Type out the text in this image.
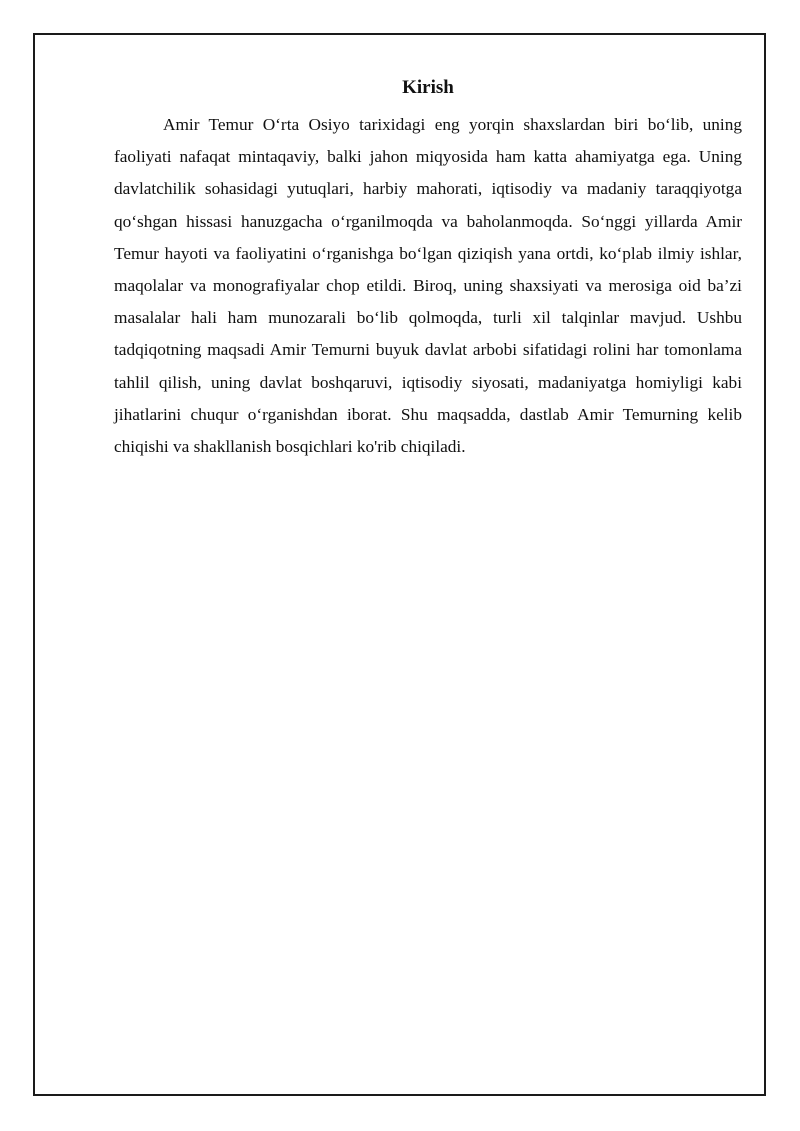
Kirish

Amir Temur O‘rta Osiyo tarixidagi eng yorqin shaxslardan biri bo‘lib, uning faoliyati nafaqat mintaqaviy, balki jahon miqyosida ham katta ahamiyatga ega. Uning davlatchilik sohasidagi yutuqlari, harbiy mahorati, iqtisodiy va madaniy taraqqiyotga qo‘shgan hissasi hanuzgacha o‘rganilmoqda va baholanmoqda. So‘nggi yillarda Amir Temur hayoti va faoliyatini o‘rganishga bo‘lgan qiziqish yana ortdi, ko‘plab ilmiy ishlar, maqolalar va monografiyalar chop etildi. Biroq, uning shaxsiyati va merosiga oid ba’zi masalalar hali ham munozarali bo‘lib qolmoqda, turli xil talqinlar mavjud. Ushbu tadqiqotning maqsadi Amir Temurni buyuk davlat arbobi sifatidagi rolini har tomonlama tahlil qilish, uning davlat boshqaruvi, iqtisodiy siyosati, madaniyatga homiyligi kabi jihatlarini chuqur o‘rganishdan iborat. Shu maqsadda, dastlab Amir Temurning kelib chiqishi va shakllanish bosqichlari ko'rib chiqiladi.
